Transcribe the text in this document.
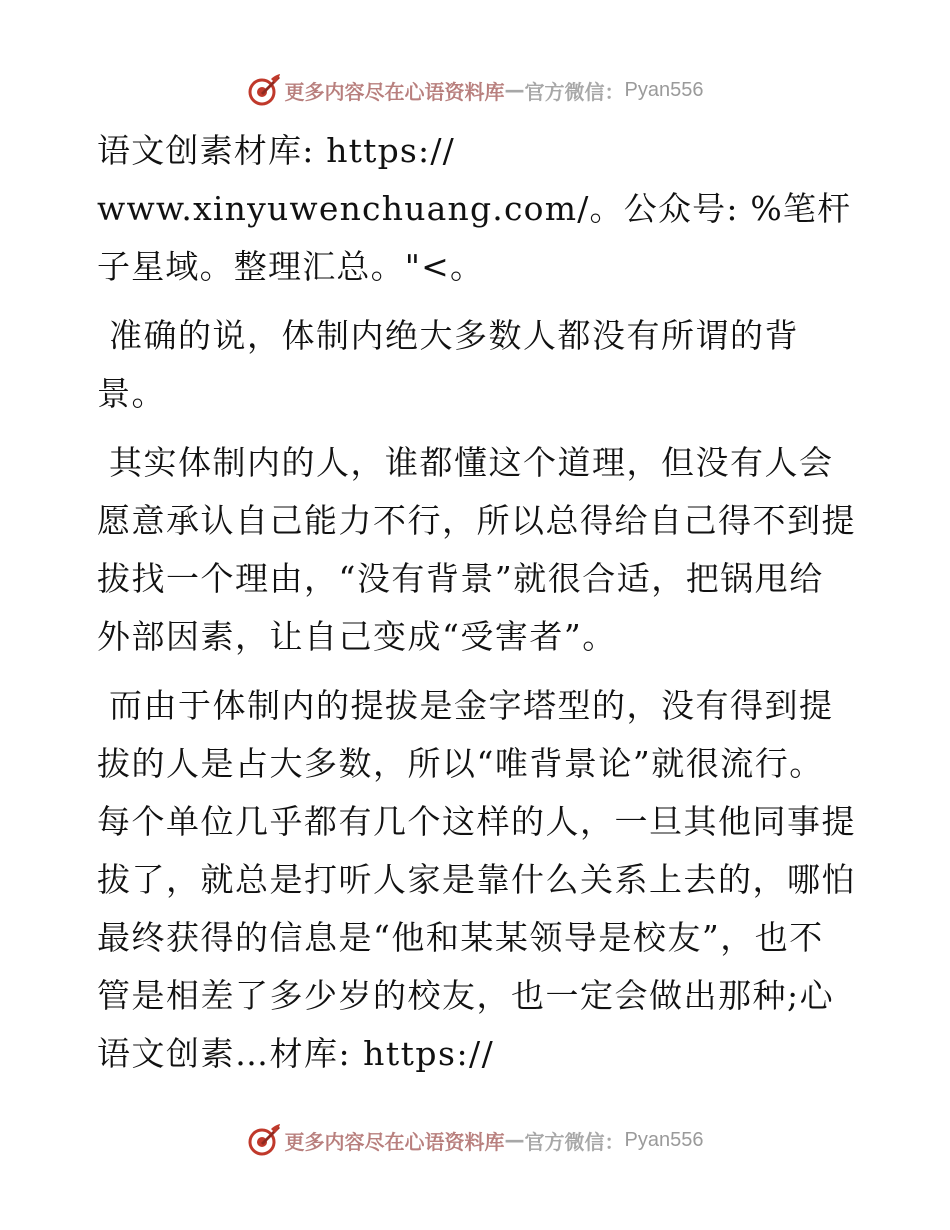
更多内容尽在心语资料库 — 官方微信： Pyan556

语文创素材库: https://
www.xinyuwenchuang.com/。公众号: %笔杆子星域。整理汇总。"<。

准确的说，体制内绝大多数人都没有所谓的背景。

其实体制内的人，谁都懂这个道理，但没有人会愿意承认自己能力不行，所以总得给自己得不到提拔找一个理由，“没有背景”就很合适，把锅甩给外部因素，让自己变成“受害者”。

而由于体制内的提拔是金字塔型的，没有得到提拔的人是占大多数，所以“唯背景论”就很流行。每个单位几乎都有几个这样的人，一旦其他同事提拔了，就总是打听人家是靠什么关系上去的，哪怕最终获得的信息是“他和某某领导是校友”，也不管是相差了多少岁的校友，也一定会做出那种;心语文创素…材库: https://

更多内容尽在心语资料库 — 官方微信： Pyan556
